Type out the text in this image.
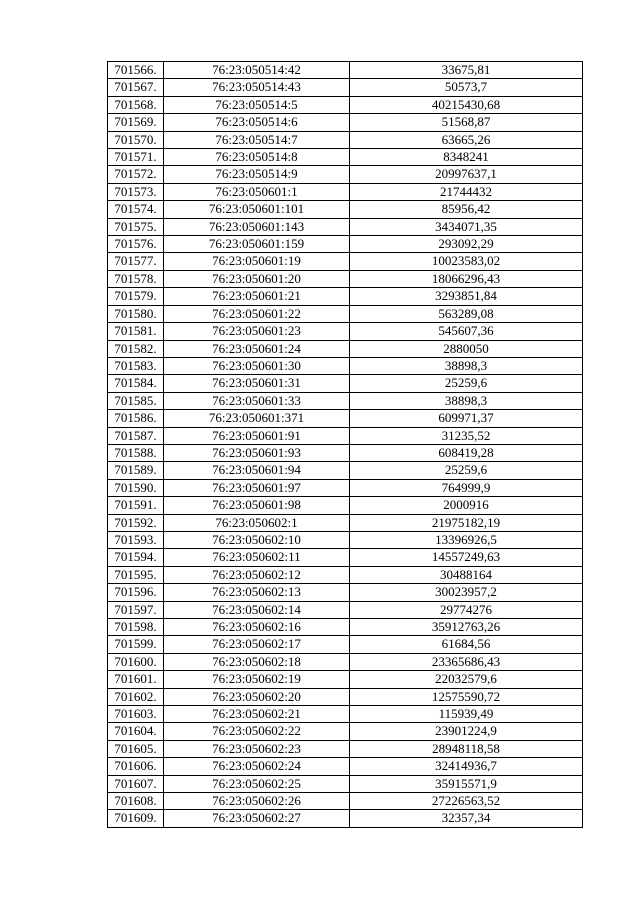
701566.	76:23:050514:42	33675,81
701567.	76:23:050514:43	50573,7
701568.	76:23:050514:5	40215430,68
701569.	76:23:050514:6	51568,87
701570.	76:23:050514:7	63665,26
701571.	76:23:050514:8	8348241
701572.	76:23:050514:9	20997637,1
701573.	76:23:050601:1	21744432
701574.	76:23:050601:101	85956,42
701575.	76:23:050601:143	3434071,35
701576.	76:23:050601:159	293092,29
701577.	76:23:050601:19	10023583,02
701578.	76:23:050601:20	18066296,43
701579.	76:23:050601:21	3293851,84
701580.	76:23:050601:22	563289,08
701581.	76:23:050601:23	545607,36
701582.	76:23:050601:24	2880050
701583.	76:23:050601:30	38898,3
701584.	76:23:050601:31	25259,6
701585.	76:23:050601:33	38898,3
701586.	76:23:050601:371	609971,37
701587.	76:23:050601:91	31235,52
701588.	76:23:050601:93	608419,28
701589.	76:23:050601:94	25259,6
701590.	76:23:050601:97	764999,9
701591.	76:23:050601:98	2000916
701592.	76:23:050602:1	21975182,19
701593.	76:23:050602:10	13396926,5
701594.	76:23:050602:11	14557249,63
701595.	76:23:050602:12	30488164
701596.	76:23:050602:13	30023957,2
701597.	76:23:050602:14	29774276
701598.	76:23:050602:16	35912763,26
701599.	76:23:050602:17	61684,56
701600.	76:23:050602:18	23365686,43
701601.	76:23:050602:19	22032579,6
701602.	76:23:050602:20	12575590,72
701603.	76:23:050602:21	115939,49
701604.	76:23:050602:22	23901224,9
701605.	76:23:050602:23	28948118,58
701606.	76:23:050602:24	32414936,7
701607.	76:23:050602:25	35915571,9
701608.	76:23:050602:26	27226563,52
701609.	76:23:050602:27	32357,34
